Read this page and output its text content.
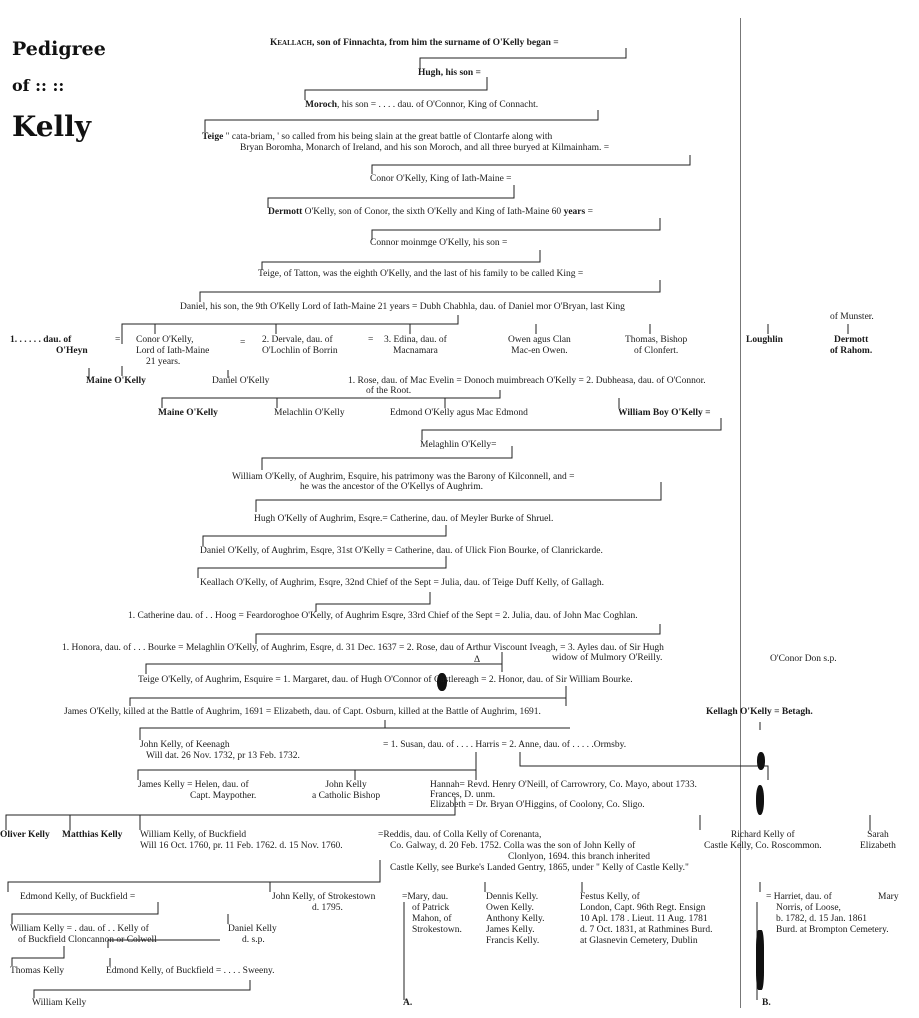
Pedigree
of :: ::
Kelly
Keallach, son of Finnachta, from him the surname of O'Kelly began =
Hugh, his son =
Moroch, his son = . . . . dau. of O'Connor, King of Connacht.
Teige " cata-briam, ' so called from his being slain at the great battle of Clontarfe along with
Bryan Boromha, Monarch of Ireland, and his son Moroch, and all three buryed at Kilmainham. =
Conor O'Kelly, King of Iath-Maine =
Dermott O'Kelly, son of Conor, the sixth O'Kelly and King of Iath-Maine 60 years =
Connor moinmge O'Kelly, his son =
Teige, of Tatton, was the eighth O'Kelly, and the last of his family to be called King =
Daniel, his son, the 9th O'Kelly Lord of Iath-Maine 21 years = Dubh Chabhla, dau. of Daniel mor O'Bryan, last King
of Munster.
1. . . . . . dau. of
O'Heyn
= Conor O'Kelly,
Lord of Iath-Maine
21 years.
= 2. Dervale, dau. of
O'Lochlin of Borrin
= 3. Edina, dau. of
Macnamara
Owen agus Clan
Mac-en Owen.
Thomas, Bishop
of Clonfert.
Loughlin	Dermott
of Rahom.
Maine O'Kelly	Daniel O'Kelly	1. Rose, dau. of Mac Evelin = Donoch muimbreach O'Kelly = 2. Dubheasa, dau. of O'Connor.
of the Root.
Maine O'Kelly	Melachlin O'Kelly	Edmond O'Kelly agus Mac Edmond	William Boy O'Kelly =
Melaghlin O'Kelly=
William O'Kelly, of Aughrim, Esquire, his patrimony was the Barony of Kilconnell, and =
he was the ancestor of the O'Kellys of Aughrim.
Hugh O'Kelly of Aughrim, Esqre.= Catherine, dau. of Meyler Burke of Shruel.
Daniel O'Kelly, of Aughrim, Esqre, 31st O'Kelly = Catherine, dau. of Ulick Fion Bourke, of Clanrickarde.
Keallach O'Kelly, of Aughrim, Esqre, 32nd Chief of the Sept = Julia, dau. of Teige Duff Kelly, of Gallagh.
1. Catherine dau. of . . Hoog = Feardoroghoe O'Kelly, of Aughrim Esqre, 33rd Chief of the Sept = 2. Julia, dau. of John Mac Coghlan.
1. Honora, dau. of . . . Bourke = Melaghlin O'Kelly, of Aughrim, Esqre, d. 31 Dec. 1637 = 2. Rose, dau of Arthur Viscount Iveagh, = 3. Ayles dau. of Sir Hugh
widow of Mulmory O'Reilly.	O'Conor Don s.p.
Δ
Teige O'Kelly, of Aughrim, Esquire = 1. Margaret, dau. of Hugh O'Connor of Castlereagh = 2. Honor, dau. of Sir William Bourke.
James O'Kelly, killed at the Battle of Aughrim, 1691 = Elizabeth, dau. of Capt. Osburn, killed at the Battle of Aughrim, 1691.	Kellagh O'Kelly = Betagh.
John Kelly, of Keenagh
Will dat. 26 Nov. 1732, pr 13 Feb. 1732.
= 1. Susan, dau. of . . . . Harris = 2. Anne, dau. of . . . . .Ormsby.
James Kelly = Helen, dau. of
Capt. Maypother.
John Kelly
a Catholic Bishop
Hannah= Revd. Henry O'Neill, of Carrowrory, Co. Mayo, about 1733.
Frances, D. unm.
Elizabeth = Dr. Bryan O'Higgins, of Coolony, Co. Sligo.
Oliver Kelly Matthias Kelly William Kelly, of Buckfield
Will 16 Oct. 1760, pr. 11 Feb. 1762. d. 15 Nov. 1760.
=Reddis, dau. of Colla Kelly of Corenanta,
Co. Galway, d. 20 Feb. 1752. Colla was the son of John Kelly of
Clonlyon, 1694. this branch inherited
Castle Kelly, see Burke's Landed Gentry, 1865, under " Kelly of Castle Kelly."
Richard Kelly of
Castle Kelly, Co. Roscommon.
Sarah
Elizabeth
Edmond Kelly, of Buckfield =	John Kelly, of Strokestown
d. 1795.
=Mary, dau.
of Patrick
Mahon, of
Strokestown.
Dennis Kelly.
Owen Kelly.
Anthony Kelly.
James Kelly.
Francis Kelly.
Festus Kelly, of
London, Capt. 96th Regt. Ensign
10 Apl. 178 . Lieut. 11 Aug. 1781
d. 7 Oct. 1831, at Rathmines Burd.
at Glasnevin Cemetery, Dublin
= Harriet, dau. of
Norris, of Loose,
b. 1782, d. 15 Jan. 1861
Burd. at Brompton Cemetery.
Mary
William Kelly = . dau. of . . Kelly of
of Buckfield Cloncannon or Colwell
Daniel Kelly
d. s.p.
Thomas Kelly	Edmond Kelly, of Buckfield = . . . . Sweeny.
William Kelly	A.	B.
